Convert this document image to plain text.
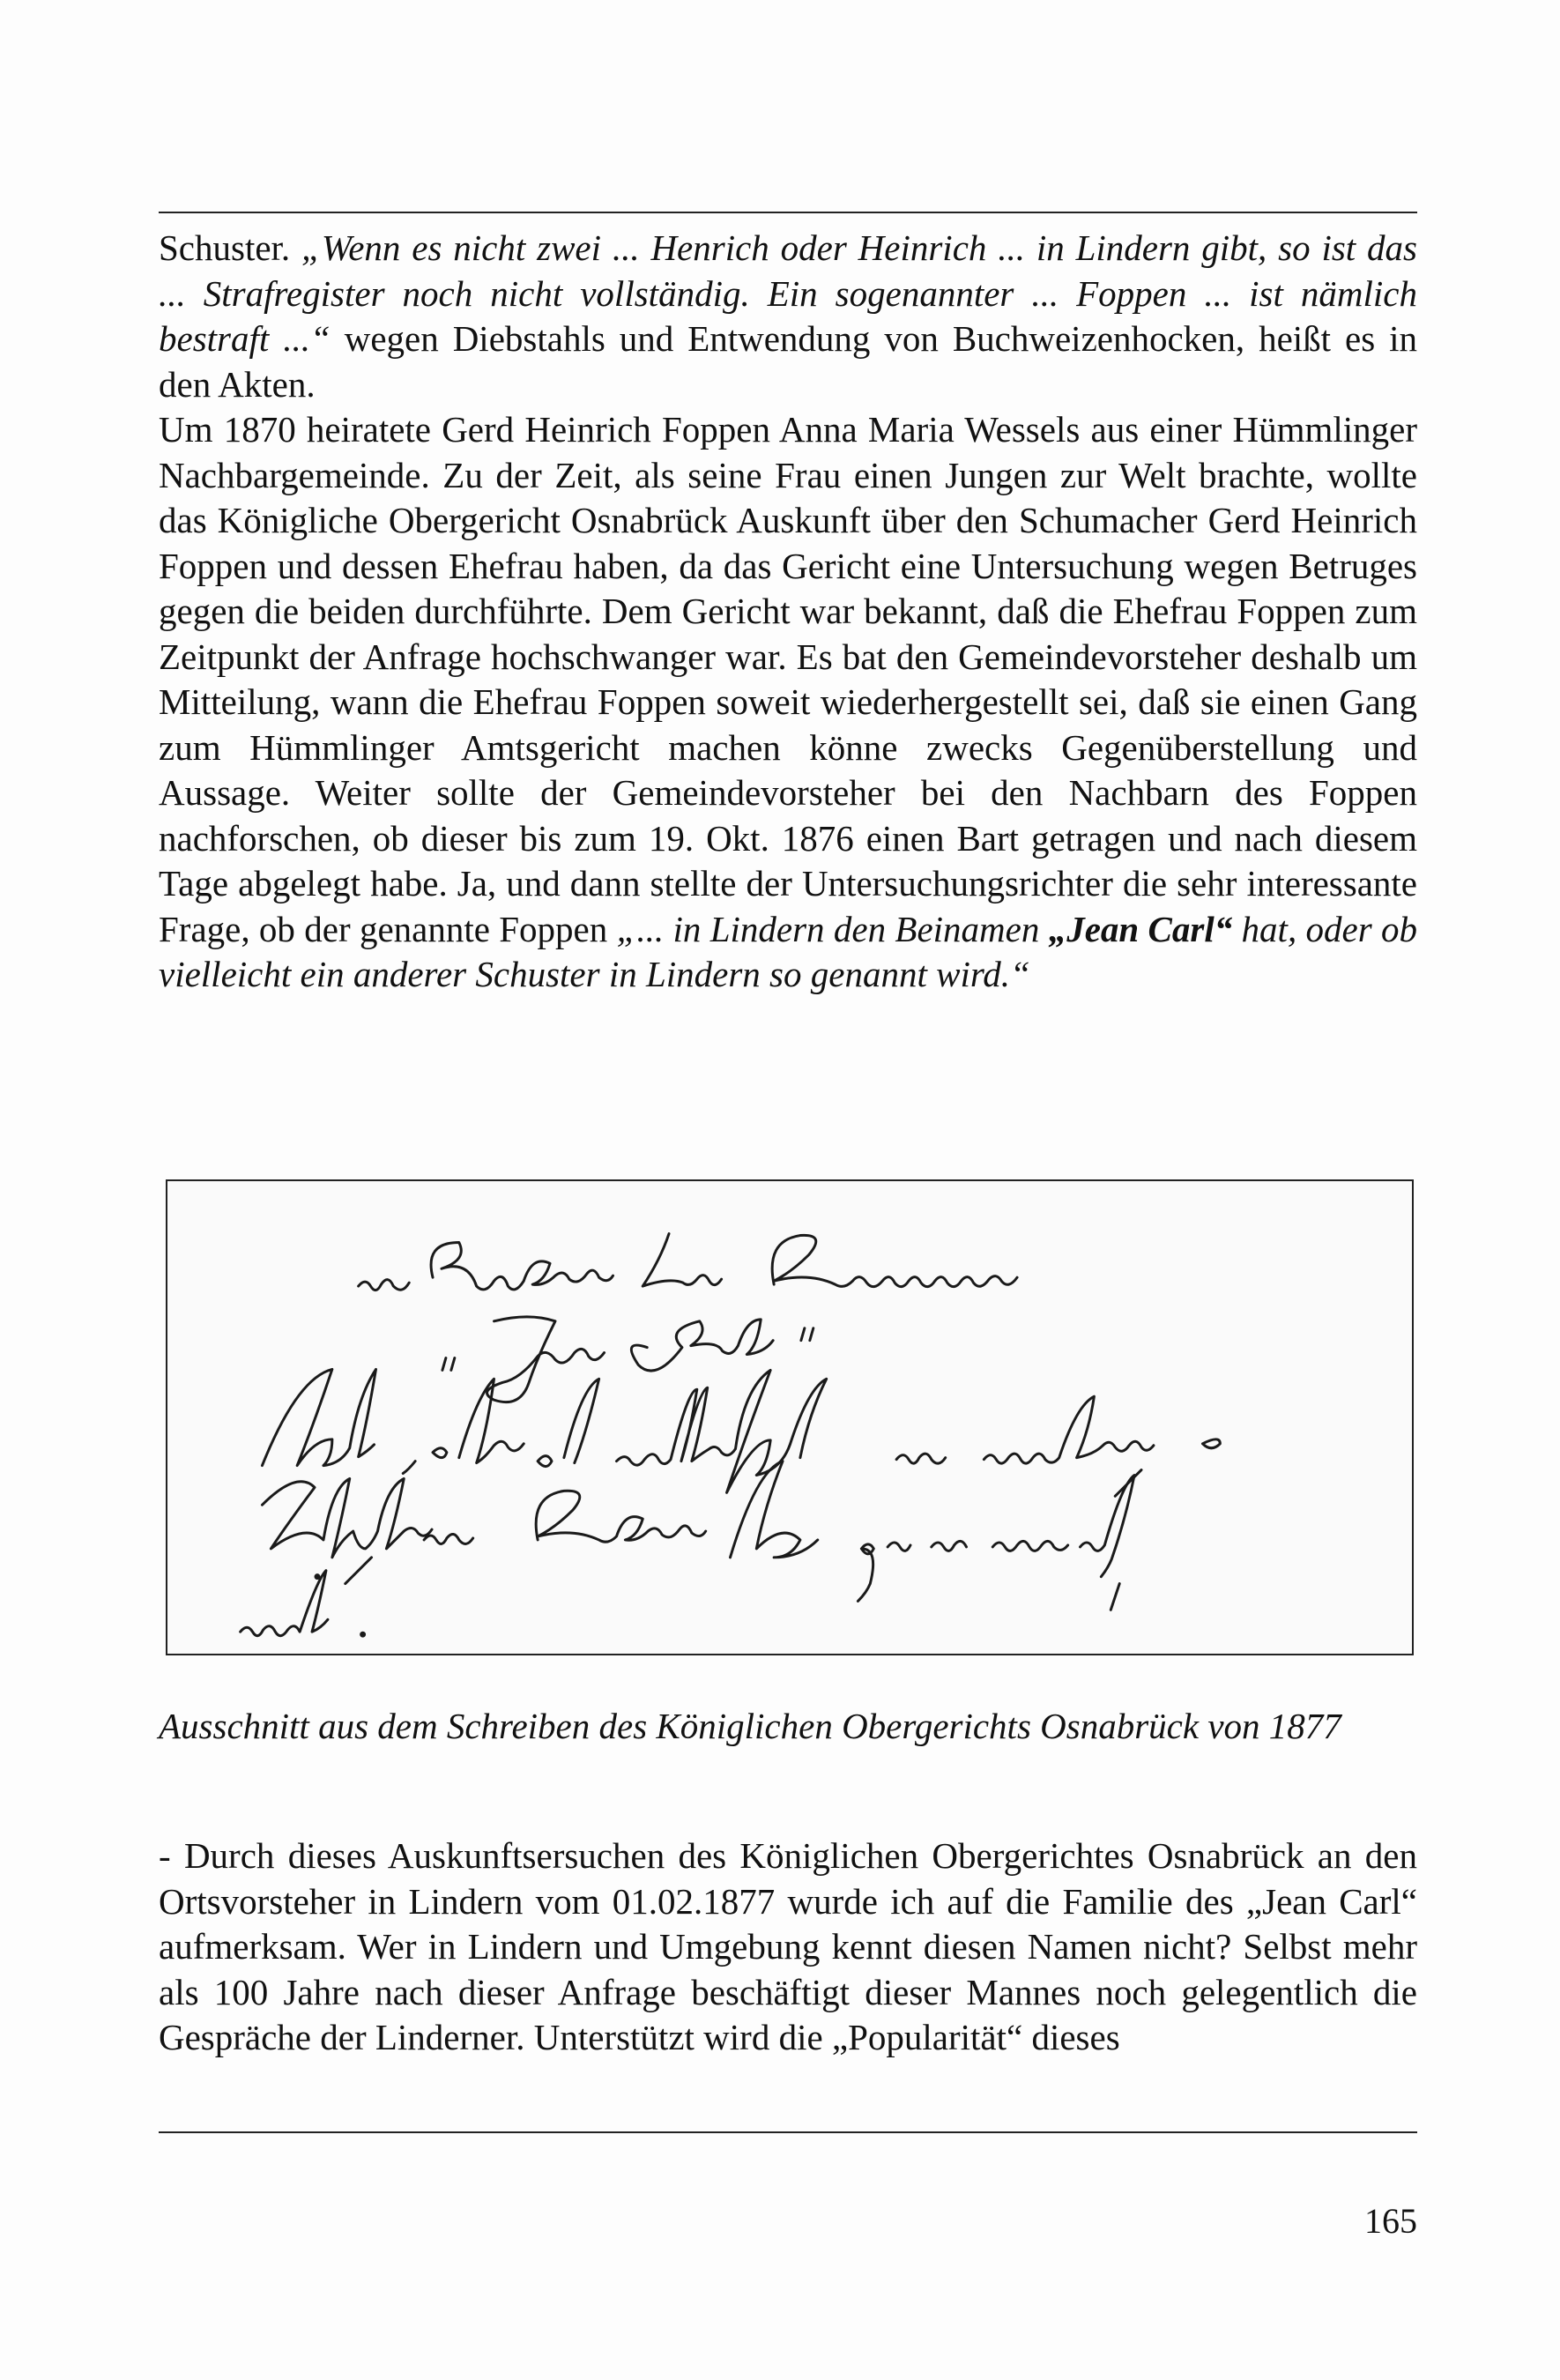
Schuster. „Wenn es nicht zwei ... Henrich oder Heinrich ... in Lindern gibt, so ist das ... Strafregister noch nicht vollständig. Ein sogenannter ... Foppen ... ist nämlich bestraft ...“ wegen Diebstahls und Entwendung von Buchweizenhocken, heißt es in den Akten.

Um 1870 heiratete Gerd Heinrich Foppen Anna Maria Wessels aus einer Hümmlinger Nachbargemeinde. Zu der Zeit, als seine Frau einen Jungen zur Welt brachte, wollte das Königliche Obergericht Osnabrück Auskunft über den Schumacher Gerd Heinrich Foppen und dessen Ehefrau haben, da das Gericht eine Untersuchung wegen Betruges gegen die beiden durchführte. Dem Gericht war bekannt, daß die Ehefrau Foppen zum Zeitpunkt der Anfrage hochschwanger war. Es bat den Gemeindevorsteher deshalb um Mitteilung, wann die Ehefrau Foppen soweit wiederhergestellt sei, daß sie einen Gang zum Hümmlinger Amtsgericht machen könne zwecks Gegenüberstellung und Aussage. Weiter sollte der Gemeindevorsteher bei den Nachbarn des Foppen nachforschen, ob dieser bis zum 19. Okt. 1876 einen Bart getragen und nach diesem Tage abgelegt habe. Ja, und dann stellte der Untersuchungsrichter die sehr interessante Frage, ob der genannte Foppen „... in Lindern den Beinamen „Jean Carl“ hat, oder ob vielleicht ein anderer Schuster in Lindern so genannt wird.“

Ausschnitt aus dem Schreiben des Königlichen Obergerichts Osnabrück von 1877

- Durch dieses Auskunftsersuchen des Königlichen Obergerichtes Osnabrück an den Ortsvorsteher in Lindern vom 01.02.1877 wurde ich auf die Familie des „Jean Carl“ aufmerksam. Wer in Lindern und Umgebung kennt diesen Namen nicht? Selbst mehr als 100 Jahre nach dieser Anfrage beschäftigt dieser Mannes noch gelegentlich die Gespräche der Linderner. Unterstützt wird die „Popularität“ dieses

165
